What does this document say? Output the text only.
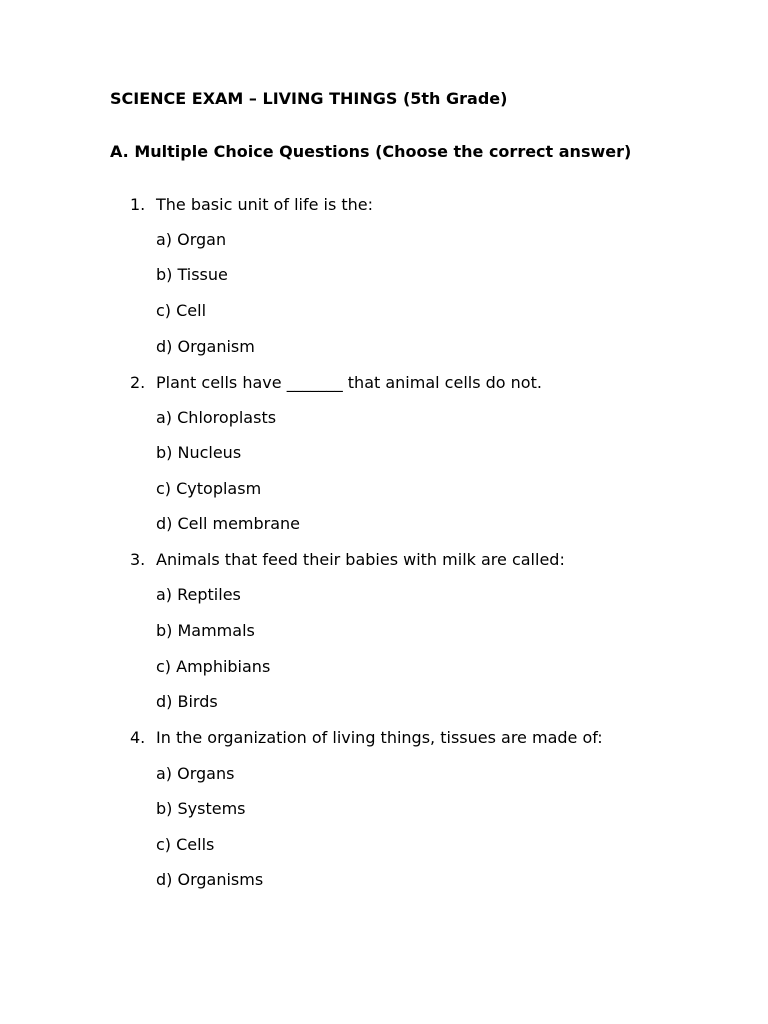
SCIENCE EXAM – LIVING THINGS (5th Grade)
A. Multiple Choice Questions (Choose the correct answer)
1. The basic unit of life is the:
a) Organ
b) Tissue
c) Cell
d) Organism
2. Plant cells have _______ that animal cells do not.
a) Chloroplasts
b) Nucleus
c) Cytoplasm
d) Cell membrane
3. Animals that feed their babies with milk are called:
a) Reptiles
b) Mammals
c) Amphibians
d) Birds
4. In the organization of living things, tissues are made of:
a) Organs
b) Systems
c) Cells
d) Organisms
